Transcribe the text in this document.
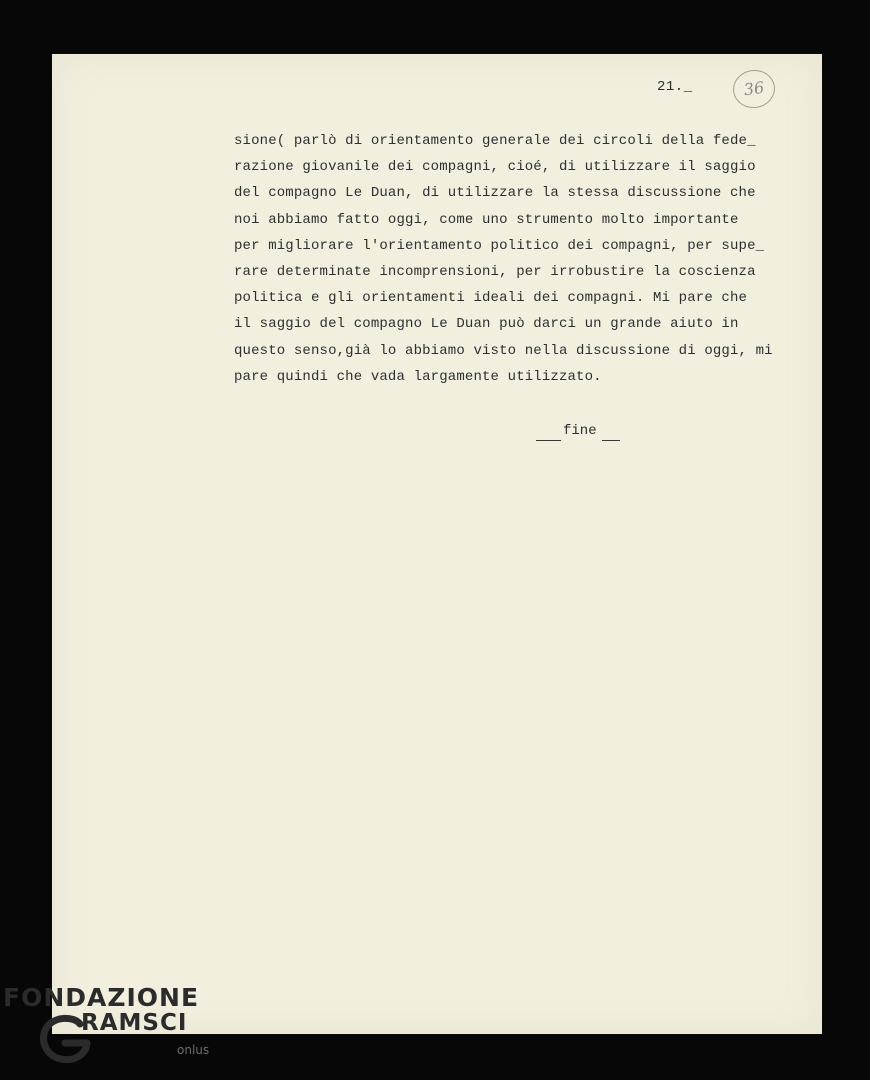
21._	36
sione( parlò di orientamento generale dei circoli della fede_
razione giovanile dei compagni, cioé, di utilizzare il saggio
del compagno Le Duan, di utilizzare la stessa discussione che
noi abbiamo fatto oggi, come uno strumento molto importante
per migliorare l'orientamento politico dei compagni, per supe_
rare determinate incomprensioni, per irrobustire la coscienza
politica e gli orientamenti ideali dei compagni. Mi pare che
il saggio del compagno Le Duan può darci un grande aiuto in
questo senso,già lo abbiamo visto nella discussione di oggi, mi
pare quindi che vada largamente utilizzato.
fine
FONDAZIONE
RAMSCI
onlus
